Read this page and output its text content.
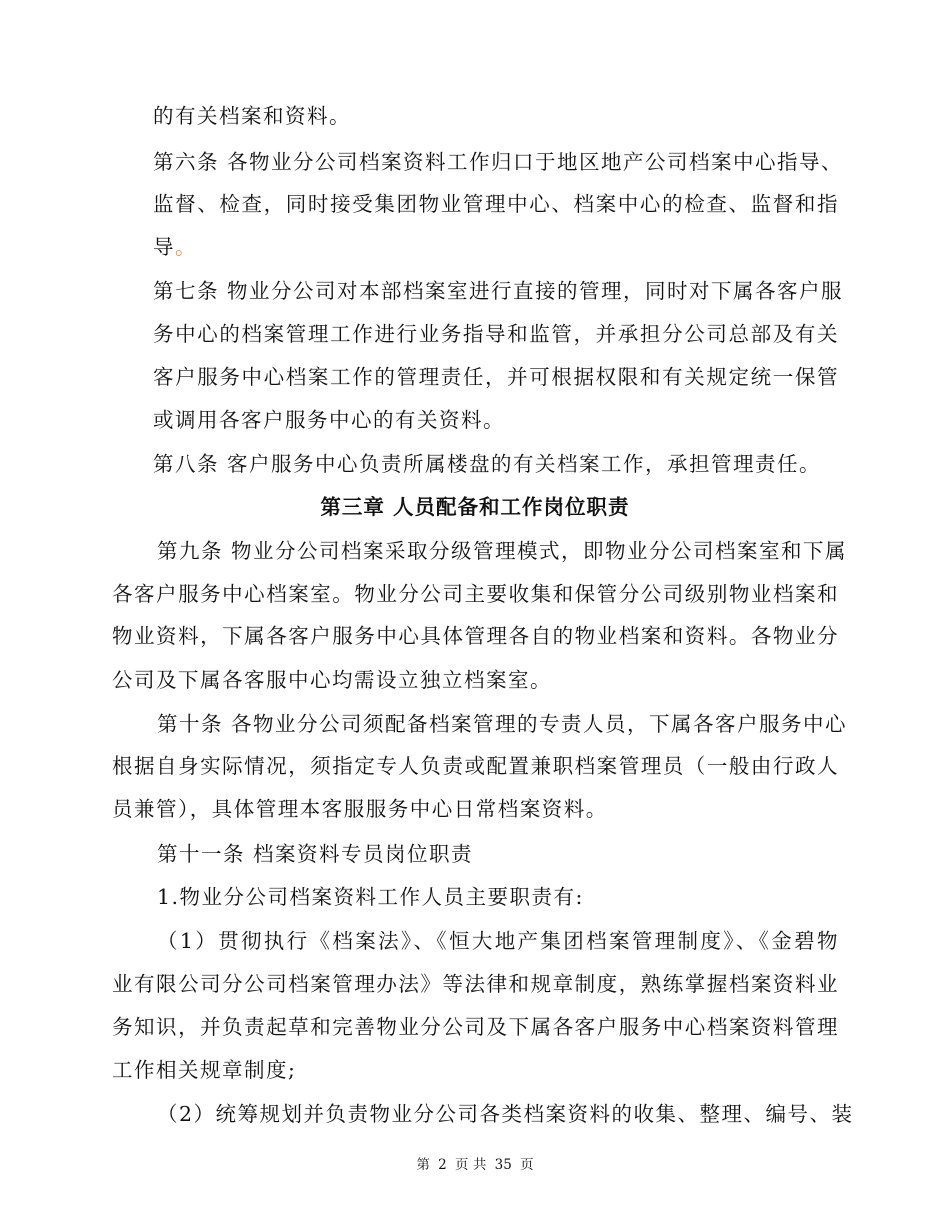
的有关档案和资料。
第六条 各物业分公司档案资料工作归口于地区地产公司档案中心指导、
监督、检查，同时接受集团物业管理中心、档案中心的检查、监督和指
导。
第七条 物业分公司对本部档案室进行直接的管理，同时对下属各客户服
务中心的档案管理工作进行业务指导和监管，并承担分公司总部及有关
客户服务中心档案工作的管理责任，并可根据权限和有关规定统一保管
或调用各客户服务中心的有关资料。
第八条 客户服务中心负责所属楼盘的有关档案工作，承担管理责任。
第三章 人员配备和工作岗位职责
第九条 物业分公司档案采取分级管理模式，即物业分公司档案室和下属
各客户服务中心档案室。物业分公司主要收集和保管分公司级别物业档案和
物业资料，下属各客户服务中心具体管理各自的物业档案和资料。各物业分
公司及下属各客服中心均需设立独立档案室。
第十条 各物业分公司须配备档案管理的专责人员，下属各客户服务中心
根据自身实际情况，须指定专人负责或配置兼职档案管理员（一般由行政人
员兼管），具体管理本客服服务中心日常档案资料。
第十一条 档案资料专员岗位职责
1.物业分公司档案资料工作人员主要职责有:
（1）贯彻执行《档案法》、《恒大地产集团档案管理制度》、《金碧物
业有限公司分公司档案管理办法》等法律和规章制度，熟练掌握档案资料业
务知识，并负责起草和完善物业分公司及下属各客户服务中心档案资料管理
工作相关规章制度;
（2）统筹规划并负责物业分公司各类档案资料的收集、整理、编号、装
第 2 页 共 35 页
